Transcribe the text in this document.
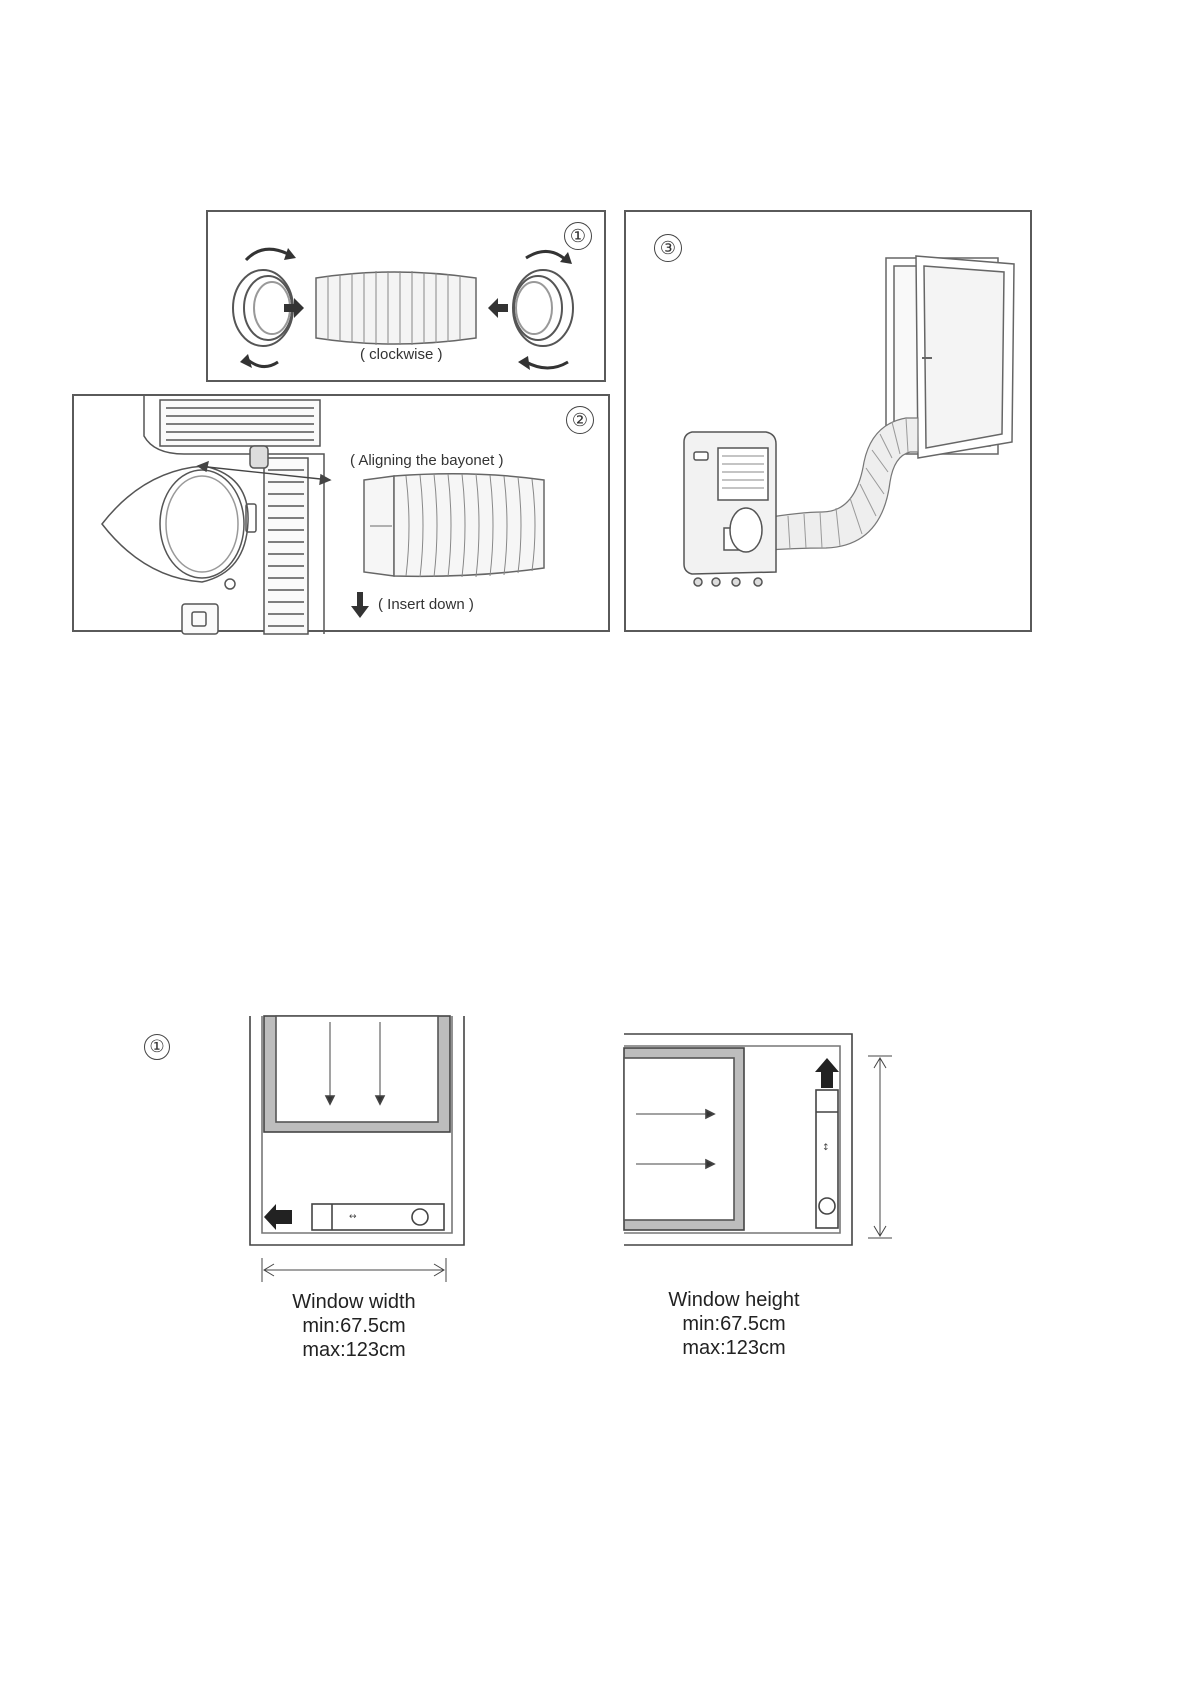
①
( clockwise )
②
( Aligning the bayonet )
( Insert down )
③
①
↔
Window width
min:67.5cm
max:123cm
↕
Window height
min:67.5cm
max:123cm
